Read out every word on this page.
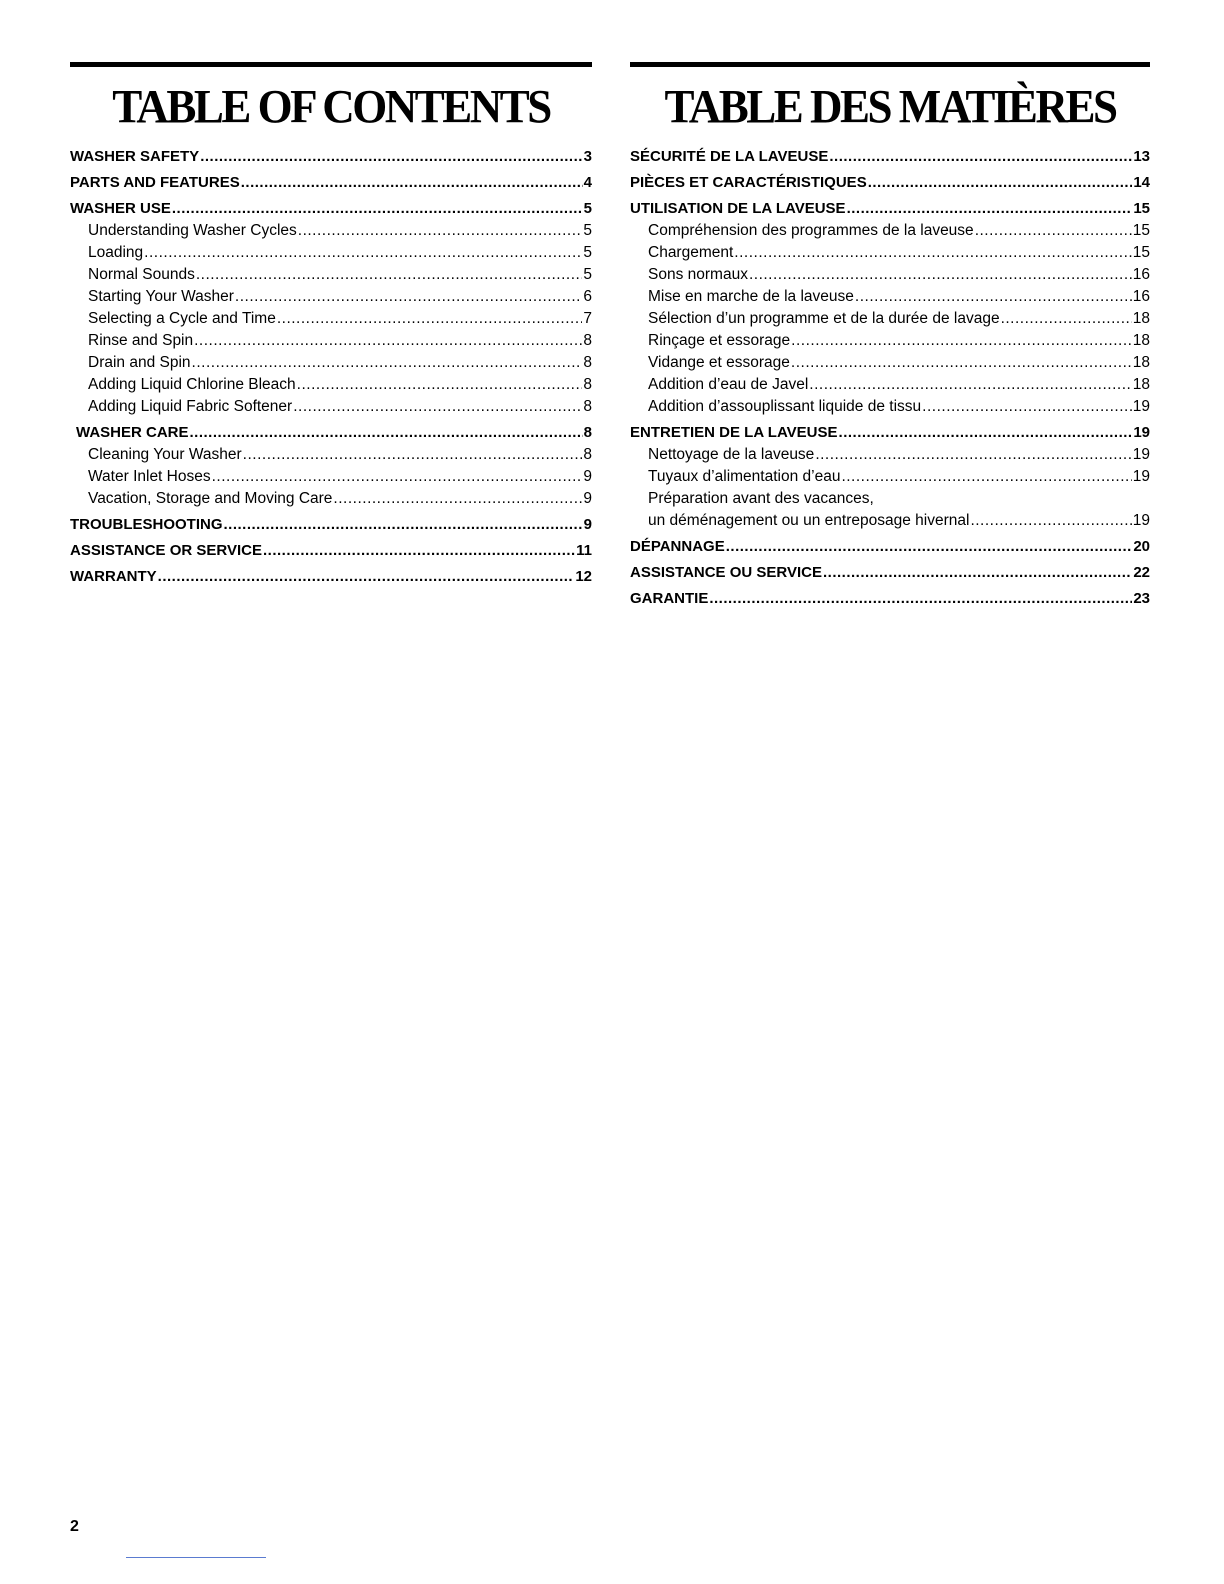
TABLE OF CONTENTS
WASHER SAFETY .....	3
PARTS AND FEATURES .....	4
WASHER USE .....	5
Understanding Washer Cycles .....	5
Loading .....	5
Normal Sounds .....	5
Starting Your Washer .....	6
Selecting a Cycle and Time .....	7
Rinse and Spin .....	8
Drain and Spin .....	8
Adding Liquid Chlorine Bleach .....	8
Adding Liquid Fabric Softener .....	8
WASHER CARE .....	8
Cleaning Your Washer .....	8
Water Inlet Hoses .....	9
Vacation, Storage and Moving Care .....	9
TROUBLESHOOTING .....	9
ASSISTANCE OR SERVICE .....	11
WARRANTY .....	12
TABLE DES MATIÈRES
SÉCURITÉ DE LA LAVEUSE .....	13
PIÈCES ET CARACTÉRISTIQUES .....	14
UTILISATION DE LA LAVEUSE .....	15
Compréhension des programmes de la laveuse .....	15
Chargement .....	15
Sons normaux .....	16
Mise en marche de la laveuse .....	16
Sélection d’un programme et de la durée de lavage .....	18
Rinçage et essorage .....	18
Vidange et essorage .....	18
Addition d’eau de Javel .....	18
Addition d’assouplissant liquide de tissu .....	19
ENTRETIEN DE LA LAVEUSE .....	19
Nettoyage de la laveuse .....	19
Tuyaux d’alimentation d’eau .....	19
Préparation avant des vacances,
un déménagement ou un entreposage hivernal .....	19
DÉPANNAGE .....	20
ASSISTANCE OU SERVICE .....	22
GARANTIE .....	23
2
